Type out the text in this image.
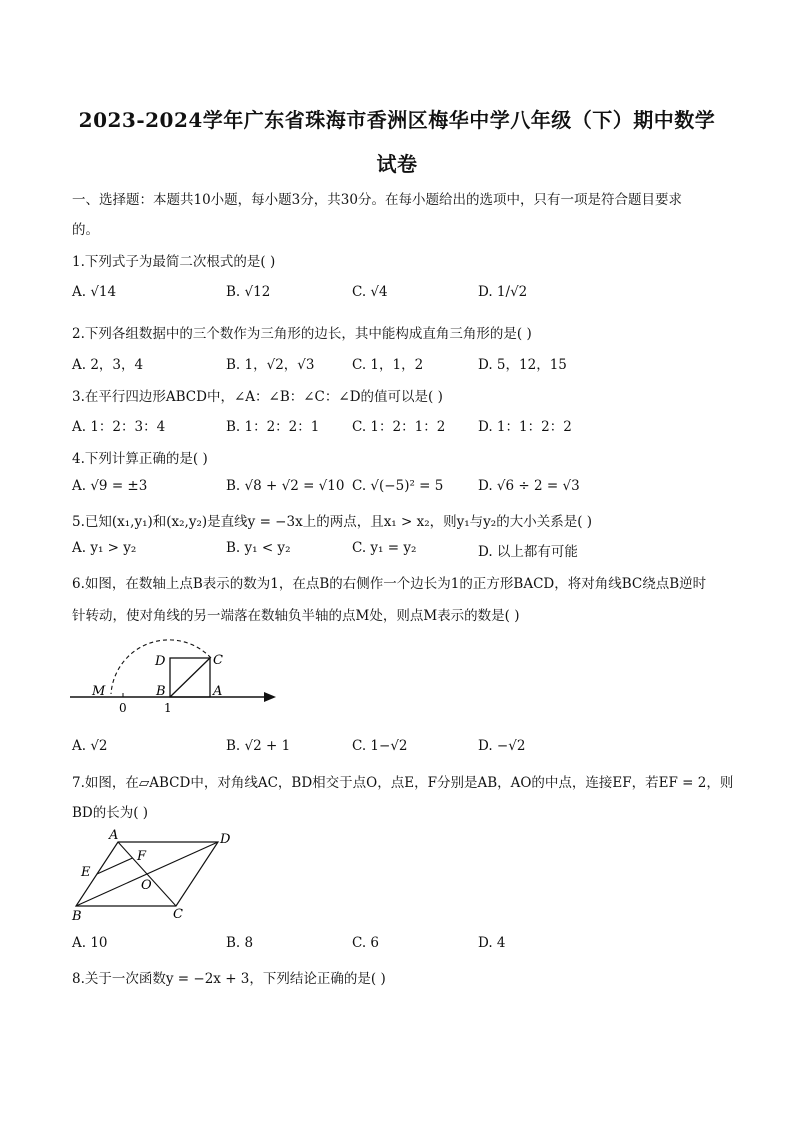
2023-2024学年广东省珠海市香洲区梅华中学八年级（下）期中数学
试卷
一、选择题：本题共10小题，每小题3分，共30分。在每小题给出的选项中，只有一项是符合题目要求
的。
1.下列式子为最简二次根式的是( )
A. √14	B. √12	C. √4	D. 1/√2
2.下列各组数据中的三个数作为三角形的边长，其中能构成直角三角形的是( )
A. 2，3，4	B. 1，√2，√3	C. 1，1，2	D. 5，12，15
3.在平行四边形ABCD中，∠A：∠B：∠C：∠D的值可以是( )
A. 1：2：3：4	B. 1：2：2：1 C. 1：2：1：2 D. 1：1：2：2
4.下列计算正确的是( )
A. √9 = ±3	B. √8 + √2 = √10 C. √(−5)² = 5	D. √6 ÷ 2 = √3
5.已知(x₁,y₁)和(x₂,y₂)是直线y = −3x上的两点，且x₁ > x₂，则y₁与y₂的大小关系是( )
A. y₁ > y₂	B. y₁ < y₂	C. y₁ = y₂	D. 以上都有可能
6.如图，在数轴上点B表示的数为1，在点B的右侧作一个边长为1的正方形BACD，将对角线BC绕点B逆时
针转动，使对角线的另一端落在数轴负半轴的点M处，则点M表示的数是( )
M	B	A
C
D
0	1
A. √2	B. √2 + 1	C. 1−√2	D. −√2
7.如图，在▱ABCD中，对角线AC，BD相交于点O，点E，F分别是AB，AO的中点，连接EF，若EF = 2，则
BD的长为( )
A	D
B	C
E
F
O
A. 10	B. 8	C. 6	D. 4
8.关于一次函数y = −2x + 3，下列结论正确的是( )
